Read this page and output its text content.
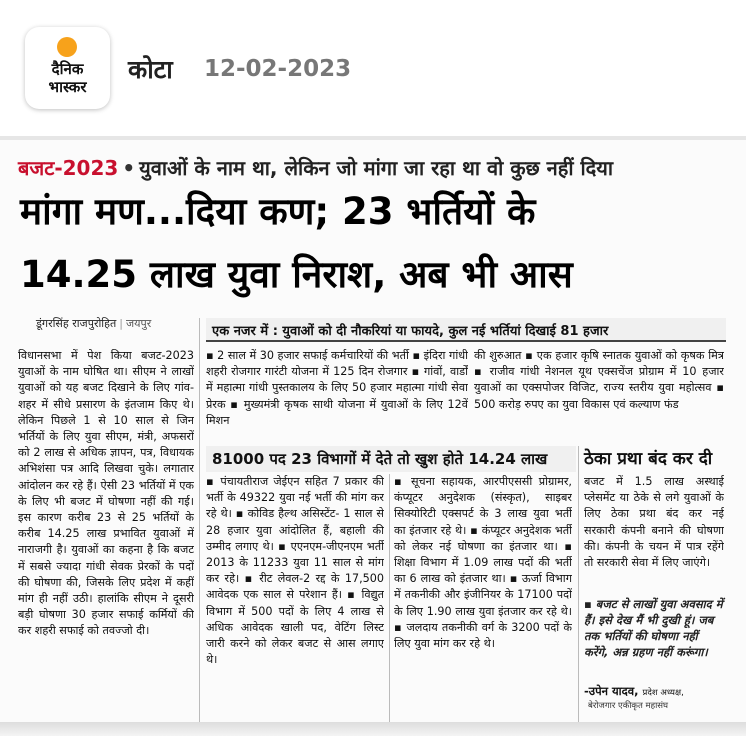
दैनिक
भास्कर
कोटा 12-02-2023
बजट-2023 • युवाओं के नाम था, लेकिन जो मांगा जा रहा था वो कुछ नहीं दिया
मांगा मण...दिया कण; 23 भर्तियों के
14.25 लाख युवा निराश, अब भी आस
डूंगरसिंह राजपुरोहित | जयपुर
एक नजर में : युवाओं को दी नौकरियां या फायदे, कुल नई भर्तियां दिखाई 81 हजार
विधानसभा में पेश किया बजट-2023 युवाओं के नाम घोषित था। सीएम ने लाखों युवाओं को यह बजट दिखाने के लिए गांव-शहर में सीधे प्रसारण के इंतजाम किए थे। लेकिन पिछले 1 से 10 साल से जिन भर्तियों के लिए युवा सीएम, मंत्री, अफसरों को 2 लाख से अधिक ज्ञापन, पत्र, विधायक अभिशंसा पत्र आदि लिखवा चुके। लगातार आंदोलन कर रहे हैं। ऐसी 23 भर्तियों में एक के लिए भी बजट में घोषणा नहीं की गई। इस कारण करीब 23 से 25 भर्तियों के करीब 14.25 लाख प्रभावित युवाओं में नाराजगी है। युवाओं का कहना है कि बजट में सबसे ज्यादा गांधी सेवक प्रेरकों के पदों की घोषणा की, जिसके लिए प्रदेश में कहीं मांग ही नहीं उठी। हालांकि सीएम ने दूसरी बड़ी घोषणा 30 हजार सफाई कर्मियों की कर शहरी सफाई को तवज्जो दी।
▪ 2 साल में 30 हजार सफाई कर्मचारियों की भर्ती ▪ इंदिरा गांधी शहरी रोजगार गारंटी योजना में 125 दिन रोजगार ▪ गांवों, वार्डों में महात्मा गांधी पुस्तकालय के लिए 50 हजार महात्मा गांधी सेवा प्रेरक ▪ मुख्यमंत्री कृषक साथी योजना में युवाओं के लिए 12वें मिशन
की शुरुआत ▪ एक हजार कृषि स्नातक युवाओं को कृषक मित्र ▪ राजीव गांधी नेशनल यूथ एक्सचेंज प्रोग्राम में 10 हजार युवाओं का एक्सपोजर विजिट, राज्य स्तरीय युवा महोत्सव ▪ 500 करोड़ रुपए का युवा विकास एवं कल्याण फंड
81000 पद 23 विभागों में देते तो खुश होते 14.24 लाख
▪ पंचायतीराज जेईएन सहित 7 प्रकार की भर्ती के 49322 युवा नई भर्ती की मांग कर रहे थे। ▪ कोविड हैल्थ असिस्टेंट- 1 साल से 28 हजार युवा आंदोलित हैं, बहाली की उम्मीद लगाए थे। ▪ एएनएम-जीएनएम भर्ती 2013 के 11233 युवा 11 साल से मांग कर रहे। ▪ रीट लेवल-2 रद्द के 17,500 आवेदक एक साल से परेशान हैं। ▪ विद्युत विभाग में 500 पदों के लिए 4 लाख से अधिक आवेदक खाली पद, वेटिंग लिस्ट जारी करने को लेकर बजट से आस लगाए थे।
▪ सूचना सहायक, आरपीएससी प्रोग्रामर, कंप्यूटर अनुदेशक (संस्कृत), साइबर सिक्योरिटी एक्सपर्ट के 3 लाख युवा भर्ती का इंतजार रहे थे। ▪ कंप्यूटर अनुदेशक भर्ती को लेकर नई घोषणा का इंतजार था। ▪ शिक्षा विभाग में 1.09 लाख पदों की भर्ती का 6 लाख को इंतजार था। ▪ ऊर्जा विभाग में तकनीकी और इंजीनियर के 17100 पदों के लिए 1.90 लाख युवा इंतजार कर रहे थे। ▪ जलदाय तकनीकी वर्ग के 3200 पदों के लिए युवा मांग कर रहे थे।
ठेका प्रथा बंद कर दी
बजट में 1.5 लाख अस्थाई प्लेसमेंट या ठेके से लगे युवाओं के लिए ठेका प्रथा बंद कर नई सरकारी कंपनी बनाने की घोषणा की। कंपनी के चयन में पात्र रहेंगे तो सरकारी सेवा में लिए जाएंगे।
▪ बजट से लाखों युवा अवसाद में हैं। इसे देख मैं भी दुखी हूं। जब तक भर्तियों की घोषणा नहीं करेंगे, अन्न ग्रहण नहीं करूंगा।
-उपेन यादव, प्रदेश अध्यक्ष,
बेरोजगार एकीकृत महासंघ
